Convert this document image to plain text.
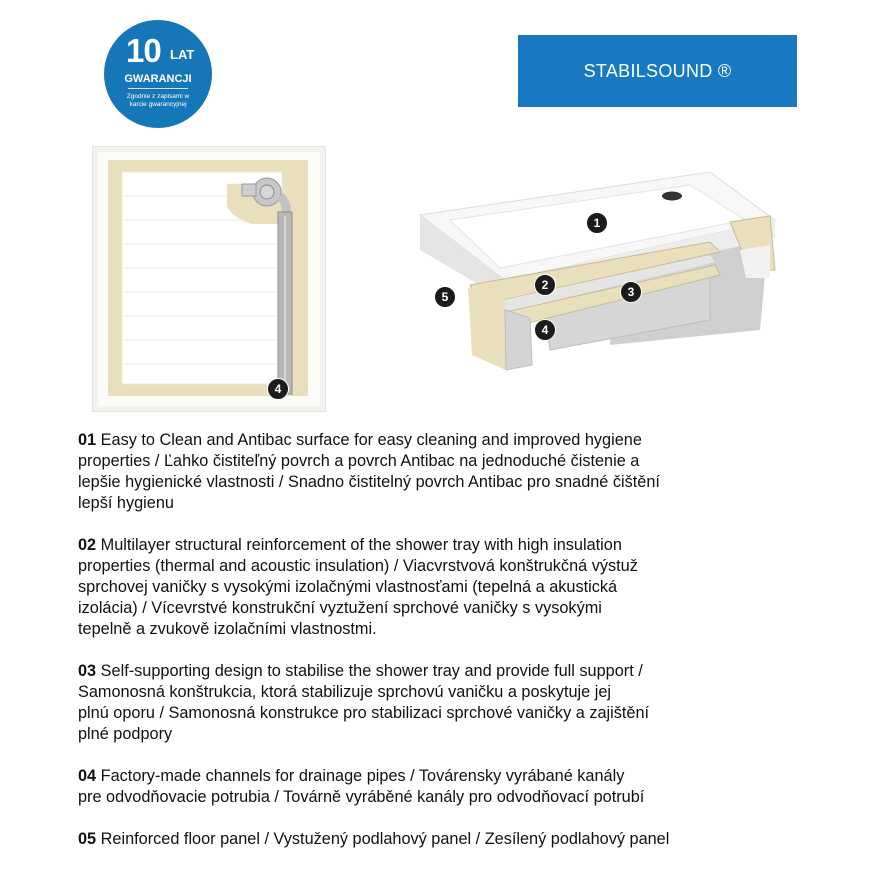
10 LAT
GWARANCJI
Zgodnie z zapisami w karcie gwarancyjnej
STABILSOUND ®
4
1
2	3
4
5

01 Easy to Clean and Antibac surface for easy cleaning and improved hygiene
properties / Ľahko čistiteľný povrch a povrch Antibac na jednoduché čistenie a
lepšie hygienické vlastnosti / Snadno čistitelný povrch Antibac pro snadné čištění
lepší hygienu

02 Multilayer structural reinforcement of the shower tray with high insulation
properties (thermal and acoustic insulation) / Viacvrstvová konštrukčná výstuž
sprchovej vaničky s vysokými izolačnými vlastnosťami (tepelná a akustická
izolácia) / Vícevrstvé konstrukční vyztužení sprchové vaničky s vysokými
tepelně a zvukově izolačními vlastnostmi.

03 Self-supporting design to stabilise the shower tray and provide full support /
Samonosná konštrukcia, ktorá stabilizuje sprchovú vaničku a poskytuje jej
plnú oporu / Samonosná konstrukce pro stabilizaci sprchové vaničky a zajištění
plné podpory

04 Factory-made channels for drainage pipes / Továrensky vyrábané kanály
pre odvodňovacie potrubia / Továrně vyráběné kanály pro odvodňovací potrubí

05 Reinforced floor panel / Vystužený podlahový panel / Zesílený podlahový panel
